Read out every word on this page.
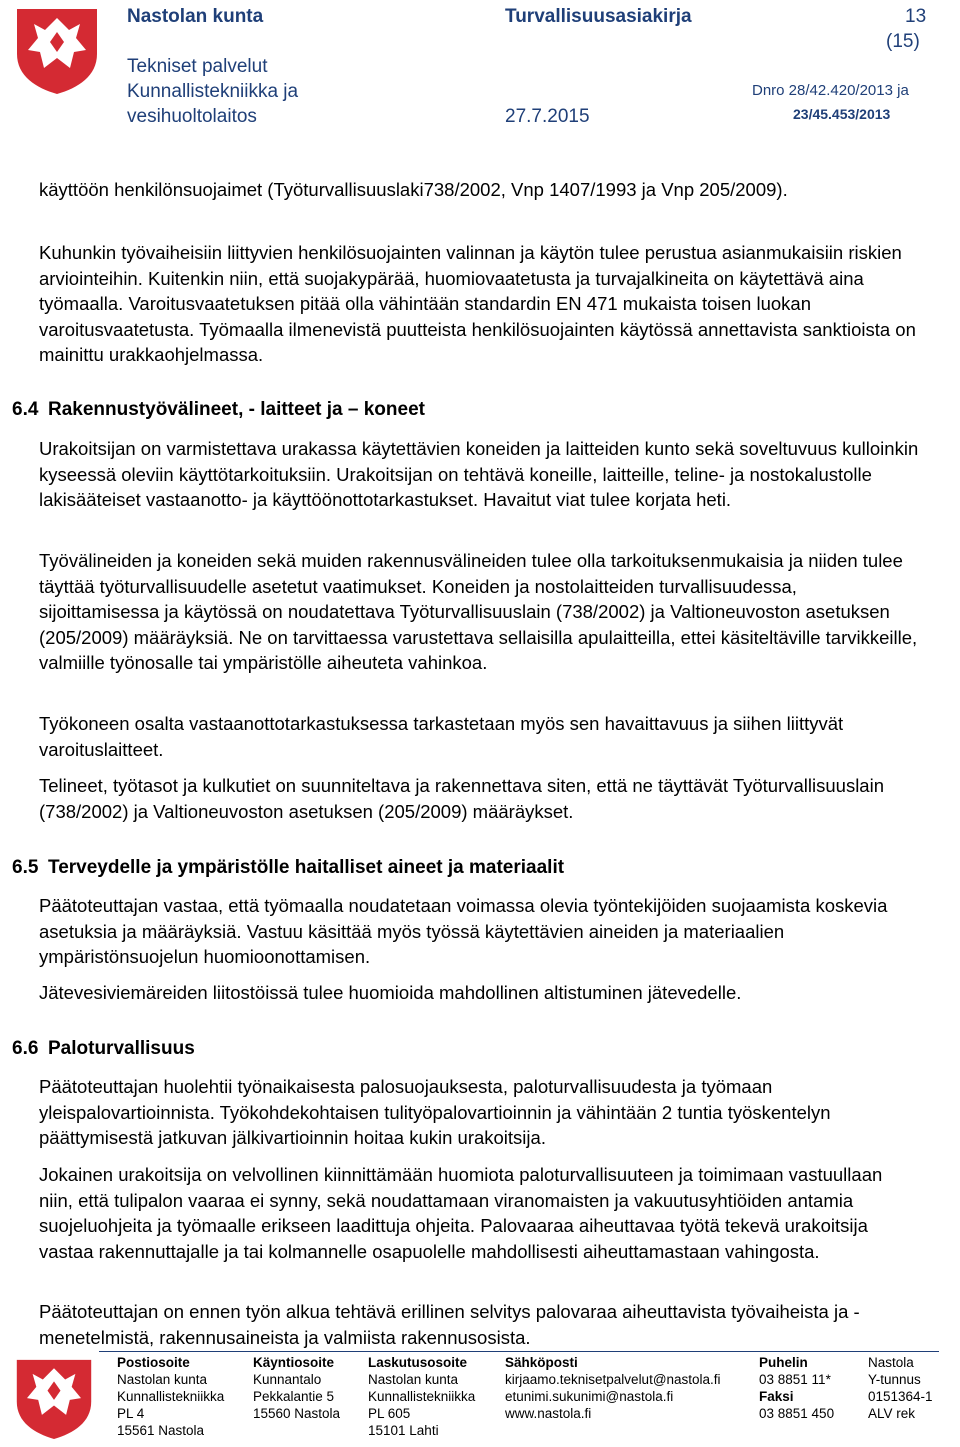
Nastolan kunta
Tekniset palvelut
Kunnallistekniikka ja
vesihuoltolaitos	27.7.2015
Turvallisuusasiakirja	13
(15)
Dnro 28/42.420/2013 ja
23/45.453/2013

käyttöön henkilönsuojaimet (Työturvallisuuslaki738/2002, Vnp 1407/1993 ja Vnp 205/2009).

Kuhunkin työvaiheisiin liittyvien henkilösuojainten valinnan ja käytön tulee perustua asianmukaisiin riskien arviointeihin. Kuitenkin niin, että suojakypärää, huomiovaatetusta ja turvajalkineita on käytettävä aina työmaalla. Varoitusvaatetuksen pitää olla vähintään standardin EN 471 mukaista toisen luokan varoitusvaatetusta. Työmaalla ilmenevistä puutteista henkilösuojainten käytössä annettavista sanktioista on mainittu urakkaohjelmassa.

6.4 Rakennustyövälineet, - laitteet ja – koneet

Urakoitsijan on varmistettava urakassa käytettävien koneiden ja laitteiden kunto sekä soveltuvuus kulloinkin kyseessä oleviin käyttötarkoituksiin. Urakoitsijan on tehtävä koneille, laitteille, teline- ja nostokalustolle lakisääteiset vastaanotto- ja käyttöönottotarkastukset. Havaitut viat tulee korjata heti.

Työvälineiden ja koneiden sekä muiden rakennusvälineiden tulee olla tarkoituksenmukaisia ja niiden tulee täyttää työturvallisuudelle asetetut vaatimukset. Koneiden ja nostolaitteiden turvallisuudessa, sijoittamisessa ja käytössä on noudatettava Työturvallisuuslain (738/2002) ja Valtioneuvoston asetuksen (205/2009) määräyksiä. Ne on tarvittaessa varustettava sellaisilla apulaitteilla, ettei käsiteltäville tarvikkeille, valmiille työnosalle tai ympäristölle aiheuteta vahinkoa.

Työkoneen osalta vastaanottotarkastuksessa tarkastetaan myös sen havaittavuus ja siihen liittyvät varoituslaitteet.

Telineet, työtasot ja kulkutiet on suunniteltava ja rakennettava siten, että ne täyttävät Työturvallisuuslain (738/2002) ja Valtioneuvoston asetuksen (205/2009) määräykset.

6.5 Terveydelle ja ympäristölle haitalliset aineet ja materiaalit

Päätoteuttajan vastaa, että työmaalla noudatetaan voimassa olevia työntekijöiden suojaamista koskevia asetuksia ja määräyksiä. Vastuu käsittää myös työssä käytettävien aineiden ja materiaalien ympäristönsuojelun huomioonottamisen.

Jätevesiviemäreiden liitostöissä tulee huomioida mahdollinen altistuminen jätevedelle.

6.6 Paloturvallisuus

Päätoteuttajan huolehtii työnaikaisesta palosuojauksesta, paloturvallisuudesta ja työmaan yleispalovartioinnista. Työkohdekohtaisen tulityöpalovartioinnin ja vähintään 2 tuntia työskentelyn päättymisestä jatkuvan jälkivartioinnin hoitaa kukin urakoitsija.

Jokainen urakoitsija on velvollinen kiinnittämään huomiota paloturvallisuuteen ja toimimaan vastuullaan niin, että tulipalon vaaraa ei synny, sekä noudattamaan viranomaisten ja vakuutusyhtiöiden antamia suojeluohjeita ja työmaalle erikseen laadittuja ohjeita. Palovaaraa aiheuttavaa työtä tekevä urakoitsija vastaa rakennuttajalle ja tai kolmannelle osapuolelle mahdollisesti aiheuttamastaan vahingosta.

Päätoteuttajan on ennen työn alkua tehtävä erillinen selvitys palovaraa aiheuttavista työvaiheista ja -menetelmistä, rakennusaineista ja valmiista rakennusosista.

Postiosoite
Nastolan kunta
Kunnallistekniikka
PL 4
15561 Nastola
Käyntiosoite
Kunnantalo
Pekkalantie 5
15560 Nastola
Laskutusosoite
Nastolan kunta
Kunnallistekniikka
PL 605
15101 Lahti
Sähköposti
kirjaamo.teknisetpalvelut@nastola.fi
etunimi.sukunimi@nastola.fi
www.nastola.fi
Puhelin
03 8851 11*
Faksi
03 8851 450
Nastola
Y-tunnus
0151364-1
ALV rek
